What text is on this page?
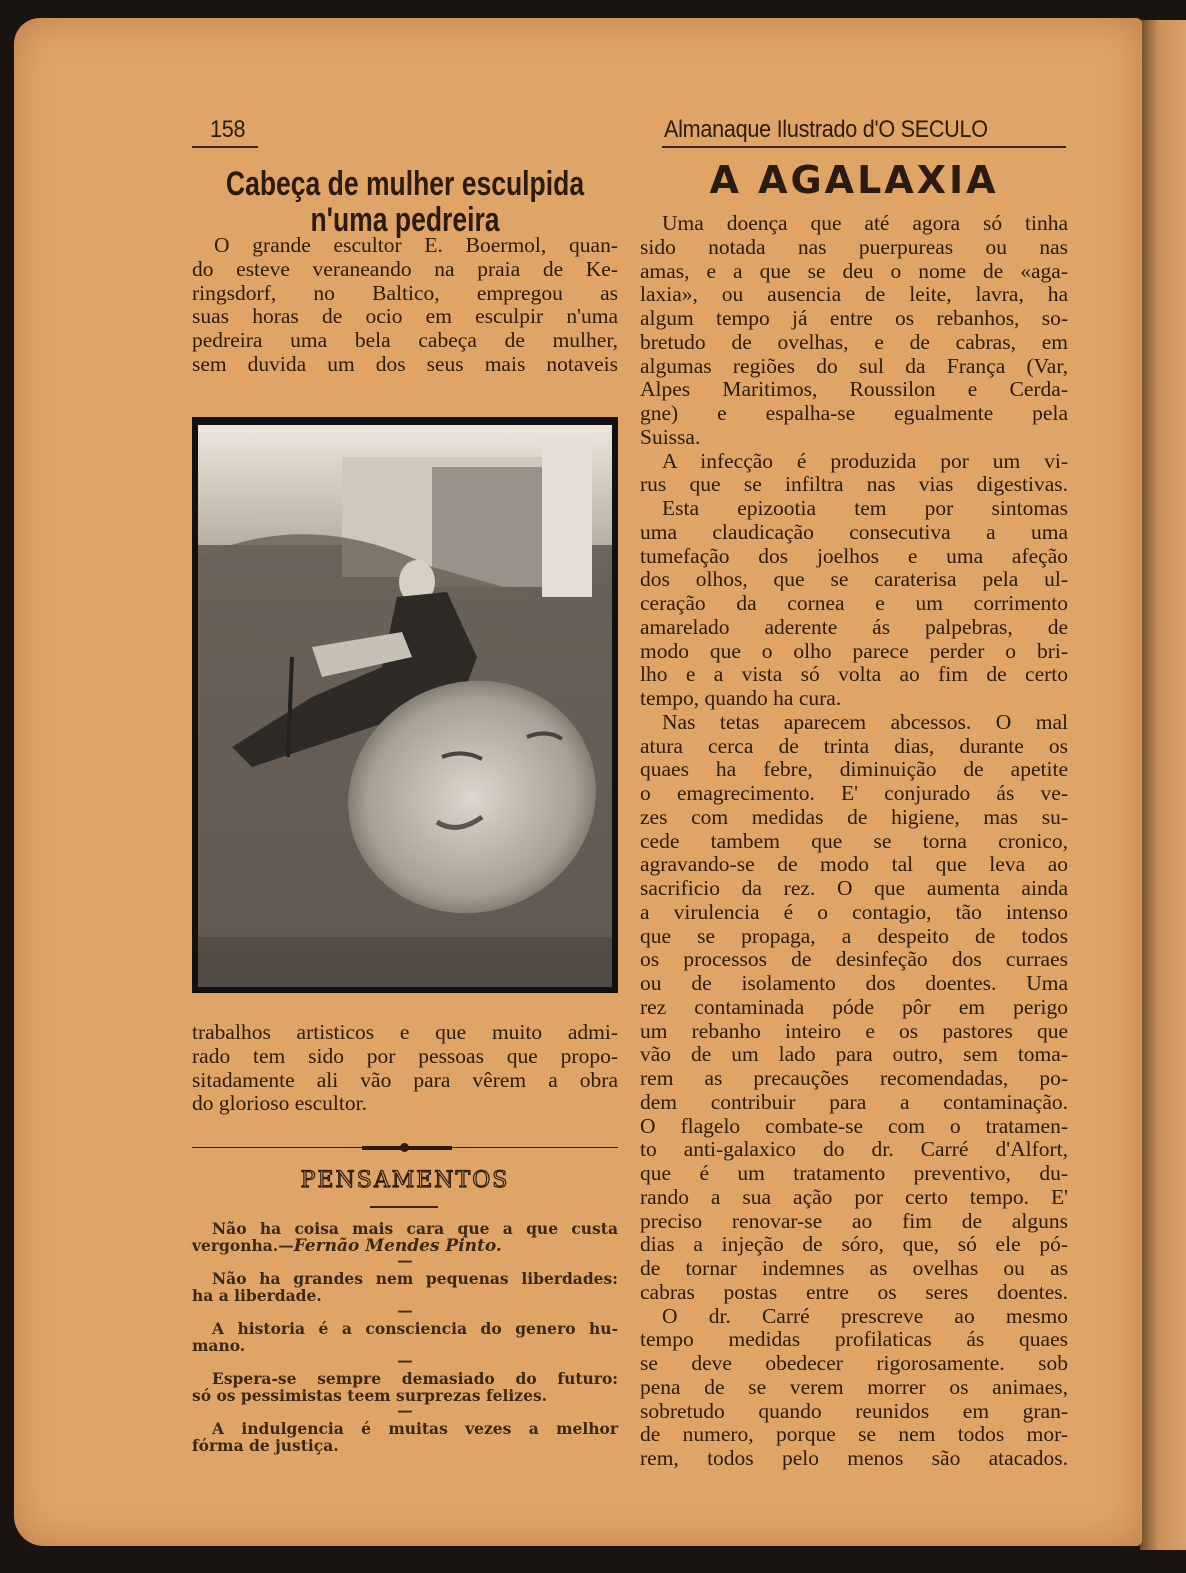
158	Almanaque Ilustrado d'O SECULO
Cabeça de mulher esculpida
n'uma pedreira
O grande escultor E. Boermol, quan-
do esteve veraneando na praia de Ke-
ringsdorf, no Baltico, empregou as
suas horas de ocio em esculpir n'uma
pedreira uma bela cabeça de mulher,
sem duvida um dos seus mais notaveis
trabalhos artisticos e que muito admi-
rado tem sido por pessoas que propo-
sitadamente ali vão para vêrem a obra
do glorioso escultor.
PENSAMENTOS
Não ha coisa mais cara que a que custa
vergonha.—Fernão Mendes Pinto.
—
Não ha grandes nem pequenas liberdades:
ha a liberdade.
—
A historia é a consciencia do genero hu-
mano.
—
Espera-se sempre demasiado do futuro:
só os pessimistas teem surprezas felizes.
—
A indulgencia é muitas vezes a melhor
fórma de justiça.
A AGALAXIA
Uma doença que até agora só tinha
sido notada nas puerpureas ou nas
amas, e a que se deu o nome de «aga-
laxia», ou ausencia de leite, lavra, ha
algum tempo já entre os rebanhos, so-
bretudo de ovelhas, e de cabras, em
algumas regiões do sul da França (Var,
Alpes Maritimos, Roussilon e Cerda-
gne) e espalha-se egualmente pela
Suissa.
A infecção é produzida por um vi-
rus que se infiltra nas vias digestivas.
Esta epizootia tem por sintomas
uma claudicação consecutiva a uma
tumefação dos joelhos e uma afeção
dos olhos, que se caraterisa pela ul-
ceração da cornea e um corrimento
amarelado aderente ás palpebras, de
modo que o olho parece perder o bri-
lho e a vista só volta ao fim de certo
tempo, quando ha cura.
Nas tetas aparecem abcessos. O mal
atura cerca de trinta dias, durante os
quaes ha febre, diminuição de apetite
o emagrecimento. E' conjurado ás ve-
zes com medidas de higiene, mas su-
cede tambem que se torna cronico,
agravando-se de modo tal que leva ao
sacrificio da rez. O que aumenta ainda
a virulencia é o contagio, tão intenso
que se propaga, a despeito de todos
os processos de desinfeção dos curraes
ou de isolamento dos doentes. Uma
rez contaminada póde pôr em perigo
um rebanho inteiro e os pastores que
vão de um lado para outro, sem toma-
rem as precauções recomendadas, po-
dem contribuir para a contaminação.
O flagelo combate-se com o tratamen-
to anti-galaxico do dr. Carré d'Alfort,
que é um tratamento preventivo, du-
rando a sua ação por certo tempo. E'
preciso renovar-se ao fim de alguns
dias a injeção de sóro, que, só ele pó-
de tornar indemnes as ovelhas ou as
cabras postas entre os seres doentes.
O dr. Carré prescreve ao mesmo
tempo medidas profilaticas ás quaes
se deve obedecer rigorosamente. sob
pena de se verem morrer os animaes,
sobretudo quando reunidos em gran-
de numero, porque se nem todos mor-
rem, todos pelo menos são atacados.
